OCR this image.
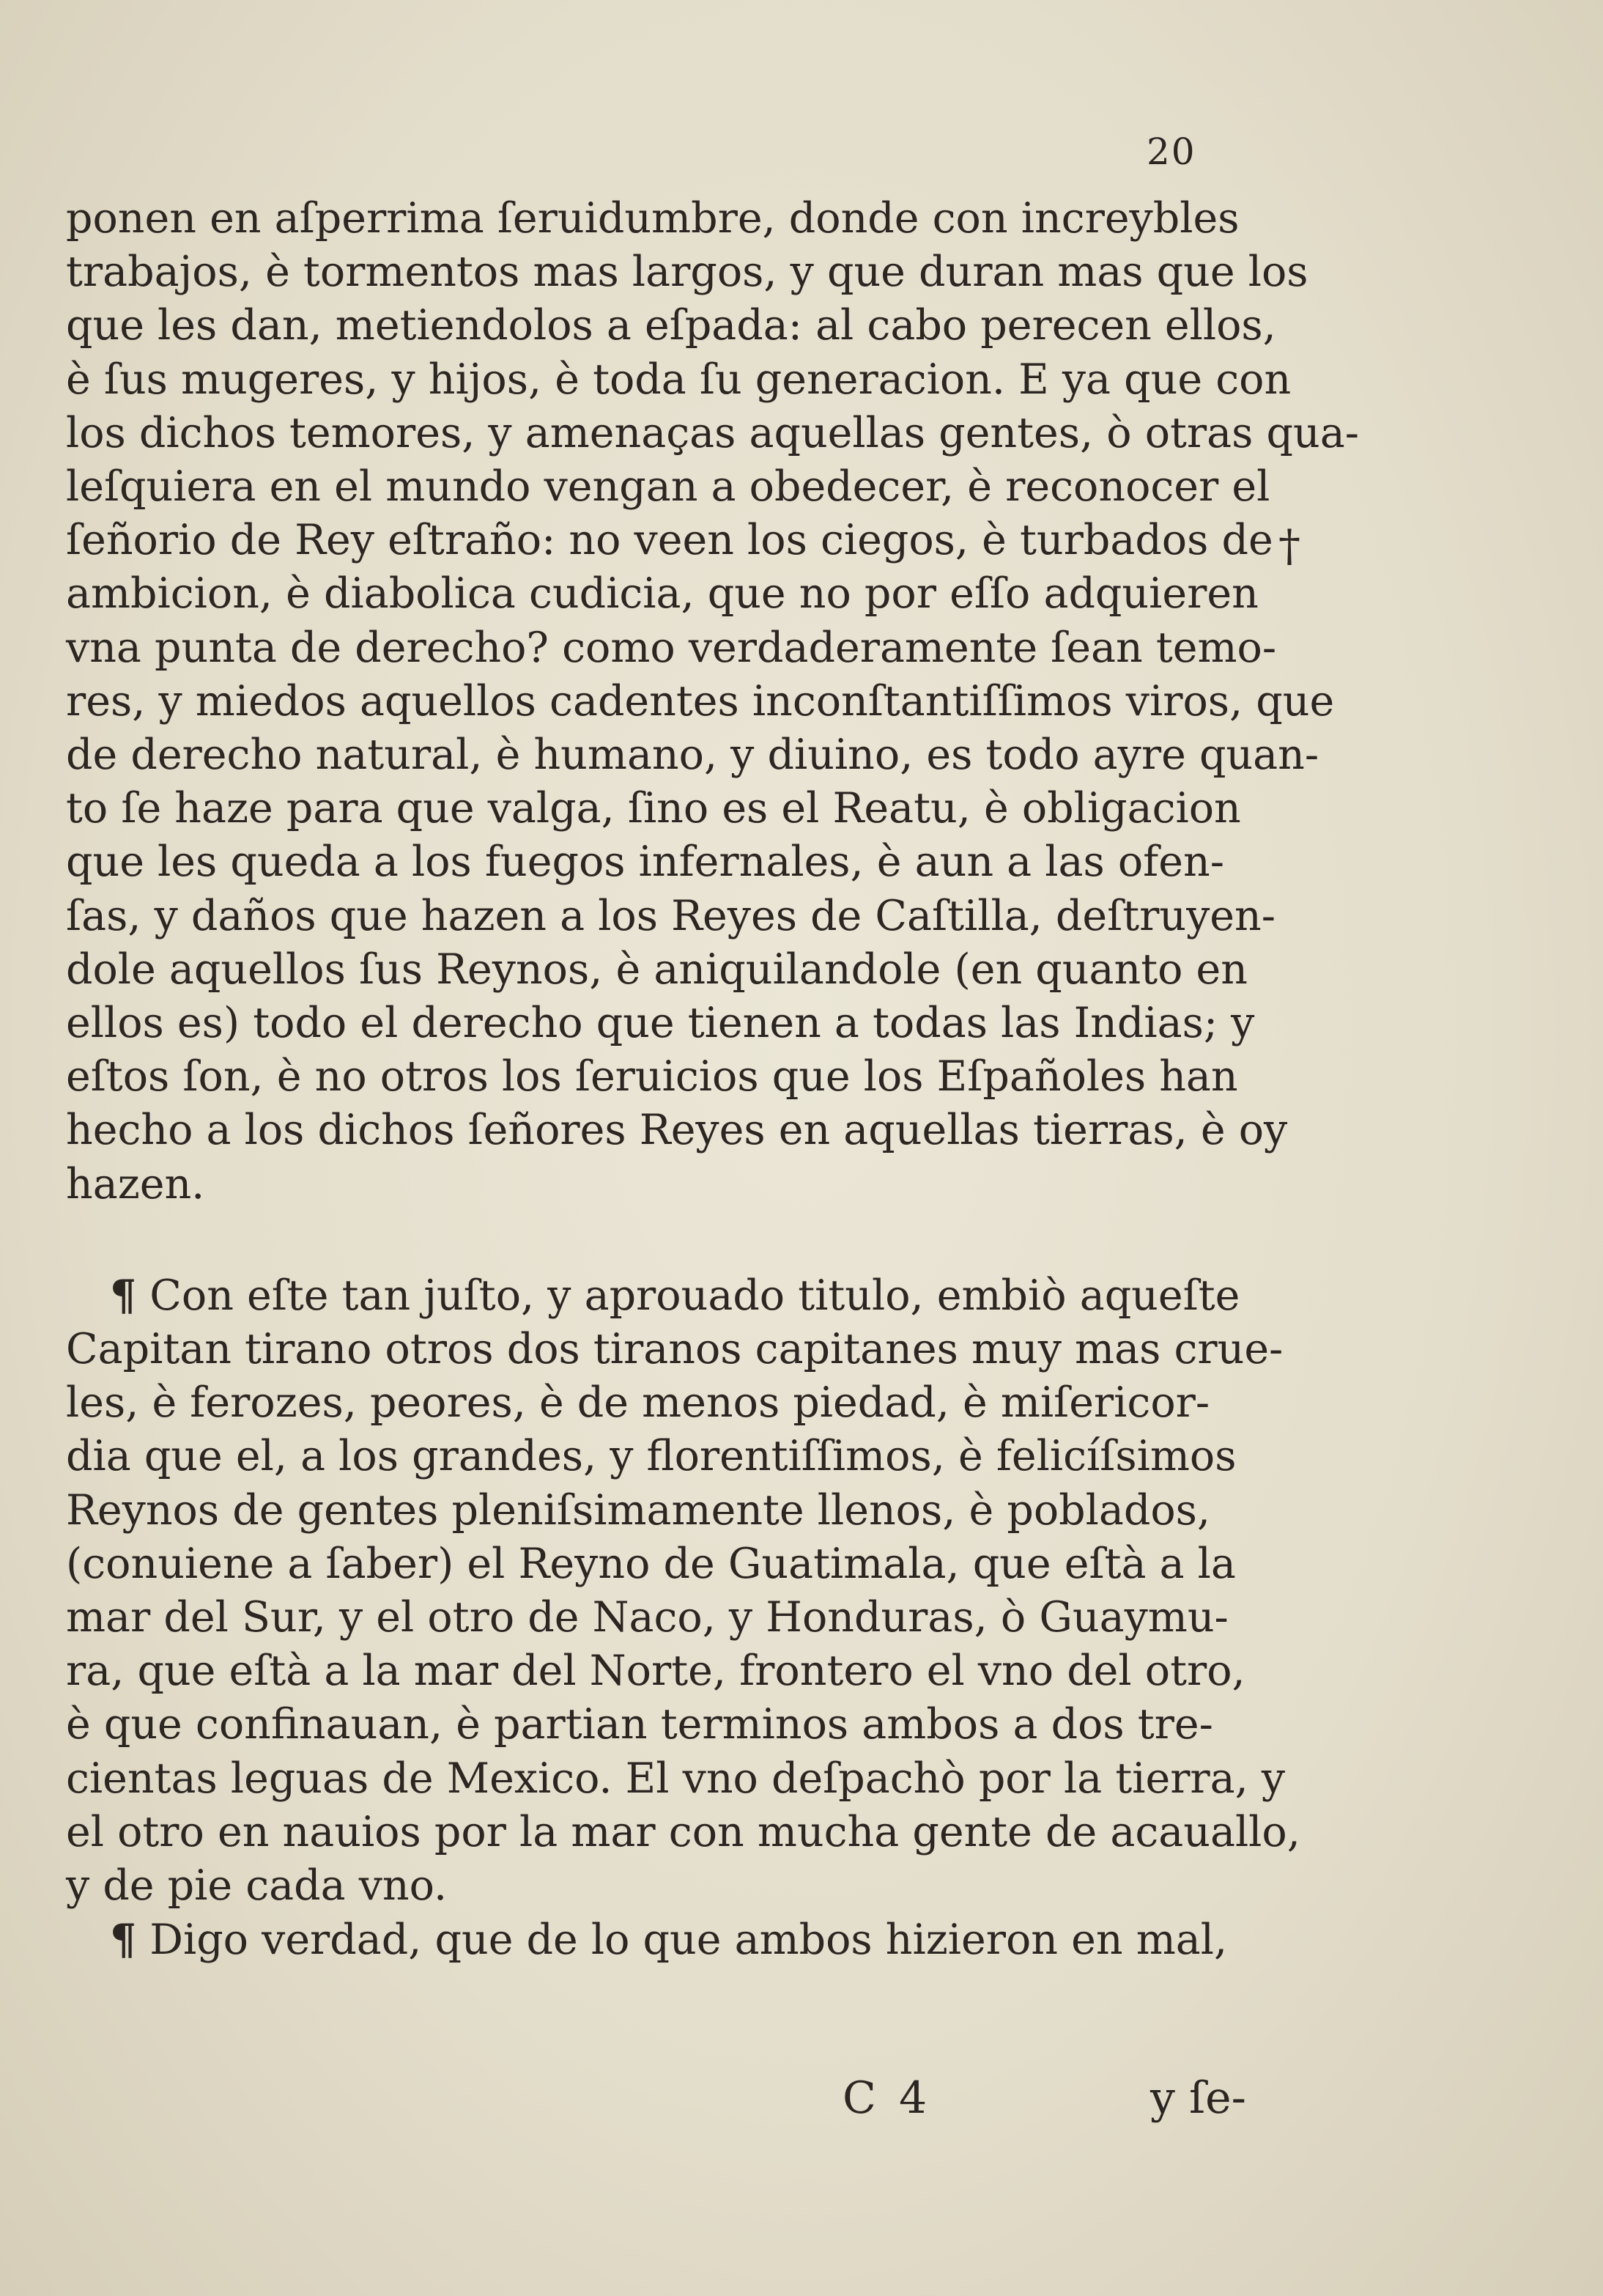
20
†
ponen en aſperrima ſeruidumbre, donde con increybles
trabajos, è tormentos mas largos, y que duran mas que los
que les dan, metiendolos a eſpada: al cabo perecen ellos,
è ſus mugeres, y hijos, è toda ſu generacion. E ya que con
los dichos temores, y amenaças aquellas gentes, ò otras qua-
leſquiera en el mundo vengan a obedecer, è reconocer el
ſeñorio de Rey eſtraño: no veen los ciegos, è turbados de
ambicion, è diabolica cudicia, que no por eſſo adquieren
vna punta de derecho? como verdaderamente ſean temo-
res, y miedos aquellos cadentes inconſtantiſſimos viros, que
de derecho natural, è humano, y diuino, es todo ayre quan-
to ſe haze para que valga, ſino es el Reatu, è obligacion
que les queda a los fuegos infernales, è aun a las ofen-
ſas, y daños que hazen a los Reyes de Caſtilla, deſtruyen-
dole aquellos ſus Reynos, è aniquilandole (en quanto en
ellos es) todo el derecho que tienen a todas las Indias; y
eſtos ſon, è no otros los ſeruicios que los Eſpañoles han
hecho a los dichos ſeñores Reyes en aquellas tierras, è oy
hazen.
¶ Con eſte tan juſto, y aprouado titulo, embiò aqueſte
Capitan tirano otros dos tiranos capitanes muy mas crue-
les, è ferozes, peores, è de menos piedad, è miſericor-
dia que el, a los grandes, y florentiſſimos, è felicíſsimos
Reynos de gentes pleniſsimamente llenos, è poblados,
(conuiene a ſaber) el Reyno de Guatimala, que eſtà a la
mar del Sur, y el otro de Naco, y Honduras, ò Guaymu-
ra, que eſtà a la mar del Norte, frontero el vno del otro,
è que confinauan, è partian terminos ambos a dos tre-
cientas leguas de Mexico. El vno deſpachò por la tierra, y
el otro en nauios por la mar con mucha gente de acauallo,
y de pie cada vno.
¶ Digo verdad, que de lo que ambos hizieron en mal,
C 4	y ſe-
